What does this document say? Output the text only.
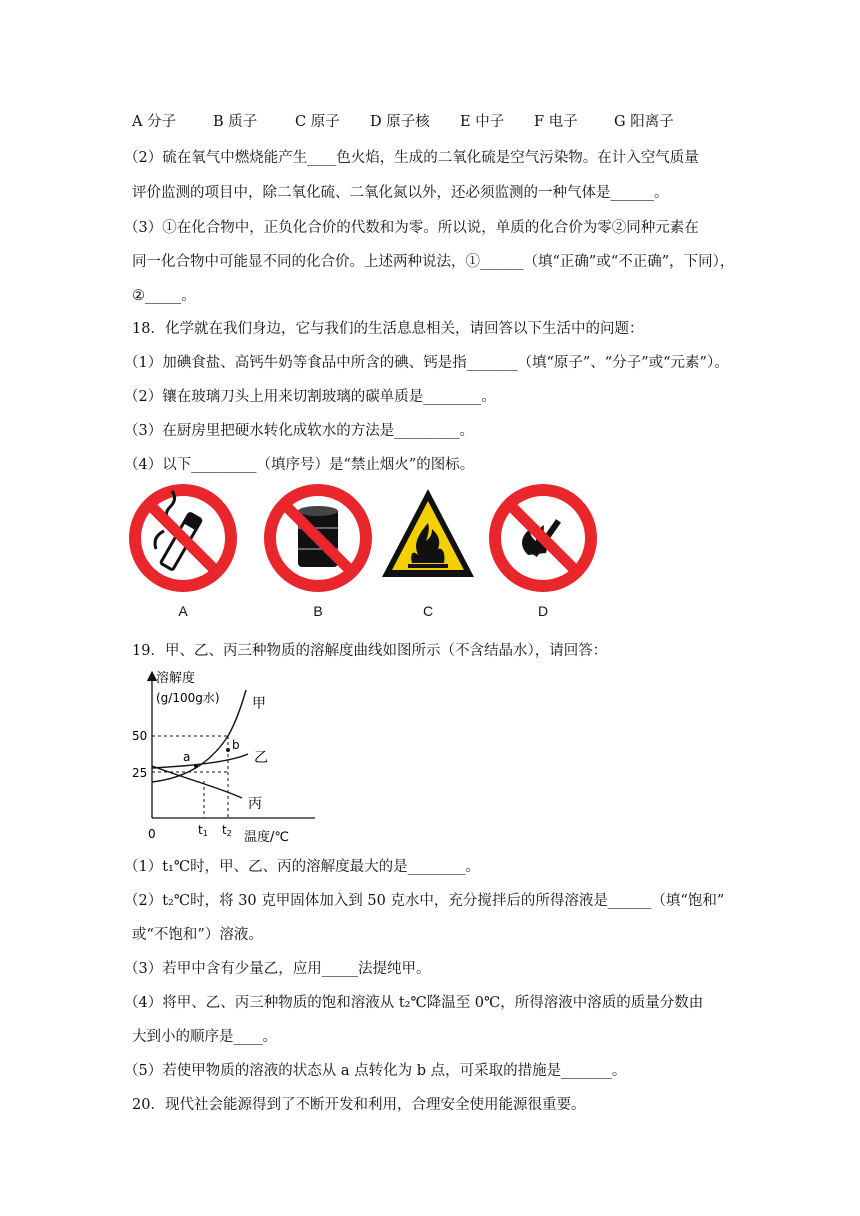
A 分子	B 质子	C 原子 D 原子核 E 中子 F 电子	G 阳离子
（2）硫在氧气中燃烧能产生____色火焰，生成的二氧化硫是空气污染物。在计入空气质量
评价监测的项目中，除二氧化硫、二氧化氮以外，还必须监测的一种气体是______。
（3）①在化合物中，正负化合价的代数和为零。所以说，单质的化合价为零②同种元素在
同一化合物中可能显不同的化合价。上述两种说法，①______（填“正确”或“不正确”，下同），
②_____。
18．化学就在我们身边，它与我们的生活息息相关，请回答以下生活中的问题：
（1）加碘食盐、高钙牛奶等食品中所含的碘、钙是指_______（填“原子”、“分子”或“元素”）。
（2）镶在玻璃刀头上用来切割玻璃的碳单质是________。
（3）在厨房里把硬水转化成软水的方法是_________。
（4）以下_________（填序号）是“禁止烟火”的图标。
A	B	C	D
19．甲、乙、丙三种物质的溶解度曲线如图所示（不含结晶水），请回答：
溶解度
(g/100g水)
温度/℃
0
50
25
t1 t2
甲
乙
丙
a
b
（1）t₁℃时，甲、乙、丙的溶解度最大的是________。
（2）t₂℃时，将 30 克甲固体加入到 50 克水中，充分搅拌后的所得溶液是______（填“饱和”
或“不饱和”）溶液。
（3）若甲中含有少量乙，应用_____法提纯甲。
（4）将甲、乙、丙三种物质的饱和溶液从 t₂℃降温至 0℃，所得溶液中溶质的质量分数由
大到小的顺序是____。
（5）若使甲物质的溶液的状态从 a 点转化为 b 点，可采取的措施是_______。
20．现代社会能源得到了不断开发和利用，合理安全使用能源很重要。
